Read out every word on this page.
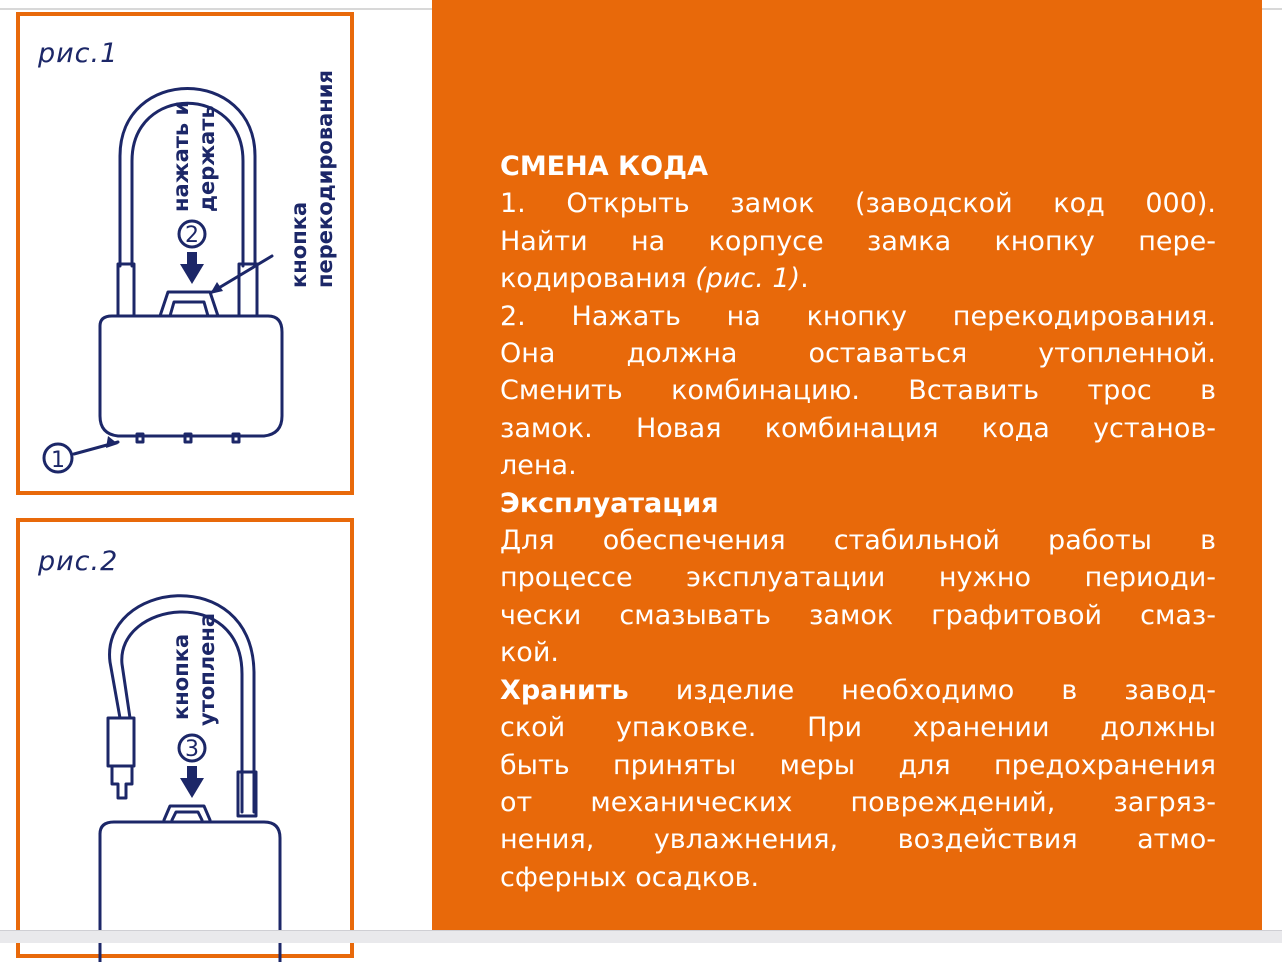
рис.1
1
2
нажать и держать
кнопка перекодирования
рис.2
3
кнопка утоплена
СМЕНА КОДА
1. Открыть замок (заводской код 000).
Найти на корпусе замка кнопку пере-
кодирования (рис. 1).
2. Нажать на кнопку перекодирования.
Она должна оставаться утопленной.
Сменить комбинацию. Вставить трос в
замок. Новая комбинация кода установ-
лена.
Эксплуатация
Для обеспечения стабильной работы в
процессе эксплуатации нужно периоди-
чески смазывать замок графитовой смаз-
кой.
Хранить изделие необходимо в завод-
ской упаковке. При хранении должны
быть приняты меры для предохранения
от механических повреждений, загряз-
нения, увлажнения, воздействия атмо-
сферных осадков.
